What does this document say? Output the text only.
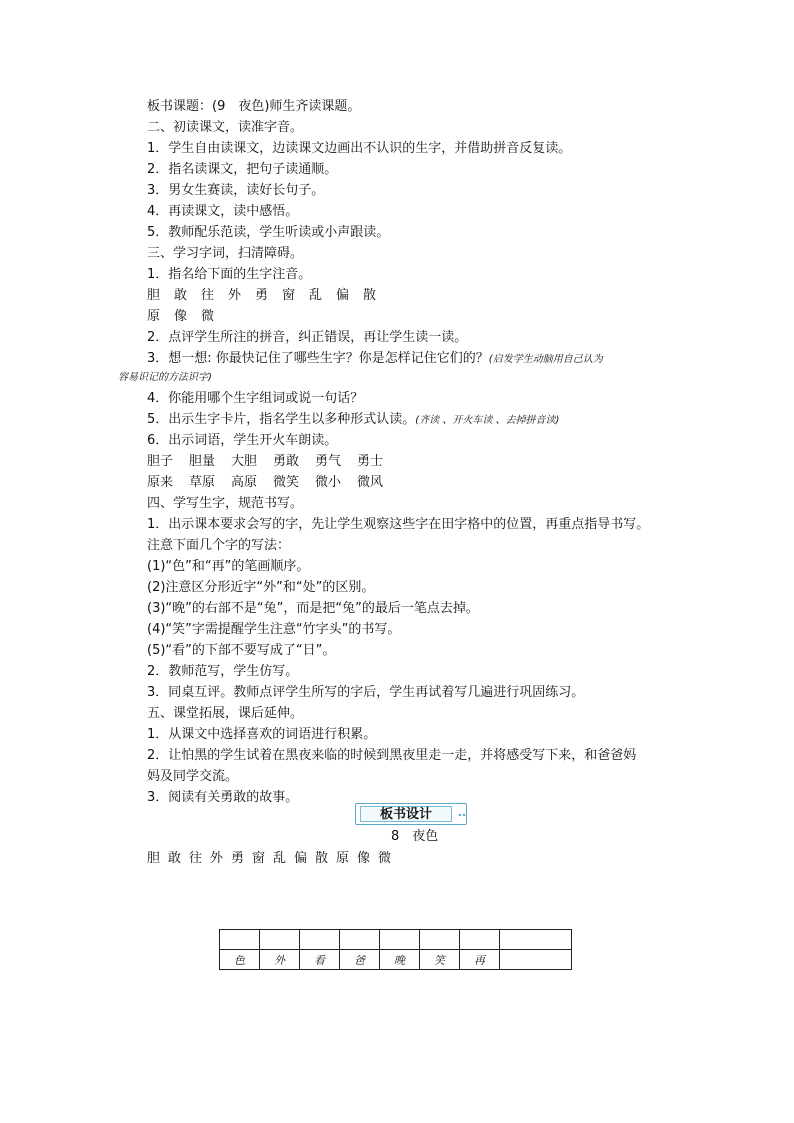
板书课题：(9　夜色)师生齐读课题。
二、初读课文，读准字音。
1．学生自由读课文，边读课文边画出不认识的生字，并借助拼音反复读。
2．指名读课文，把句子读通顺。
3．男女生赛读，读好长句子。
4．再读课文，读中感悟。
5．教师配乐范读，学生听读或小声跟读。
三、学习字词，扫清障碍。
1．指名给下面的生字注音。
胆 敢 往 外 勇 窗 乱 偏 散
原 像 微
2．点评学生所注的拼音，纠正错误，再让学生读一读。
3．想一想: 你最快记住了哪些生字？你是怎样记住它们的？(启发学生动脑用自己认为
容易识记的方法识字)
4．你能用哪个生字组词或说一句话？
5．出示生字卡片，指名学生以多种形式认读。(齐读 、开火车读 、去掉拼音读)
6．出示词语，学生开火车朗读。
胆子 胆量 大胆 勇敢 勇气 勇士
原来 草原 高原 微笑 微小 微风
四、学写生字，规范书写。
1．出示课本要求会写的字，先让学生观察这些字在田字格中的位置，再重点指导书写。
注意下面几个字的写法：
(1)“色”和“再”的笔画顺序。
(2)注意区分形近字“外”和“处”的区别。
(3)“晚”的右部不是“兔”，而是把“兔”的最后一笔点去掉。
(4)“笑”字需提醒学生注意“竹字头”的书写。
(5)“看”的下部不要写成了“日”。
2．教师范写，学生仿写。
3．同桌互评。教师点评学生所写的字后，学生再试着写几遍进行巩固练习。
五、课堂拓展，课后延伸。
1．从课文中选择喜欢的词语进行积累。
2．让怕黑的学生试着在黑夜来临的时候到黑夜里走一走，并将感受写下来，和爸爸妈
妈及同学交流。
3．阅读有关勇敢的故事。
板书设计
8　夜色
胆 敢 往 外 勇 窗 乱 偏 散 原 像 微

色	外	看	爸	晚	笑	再	
